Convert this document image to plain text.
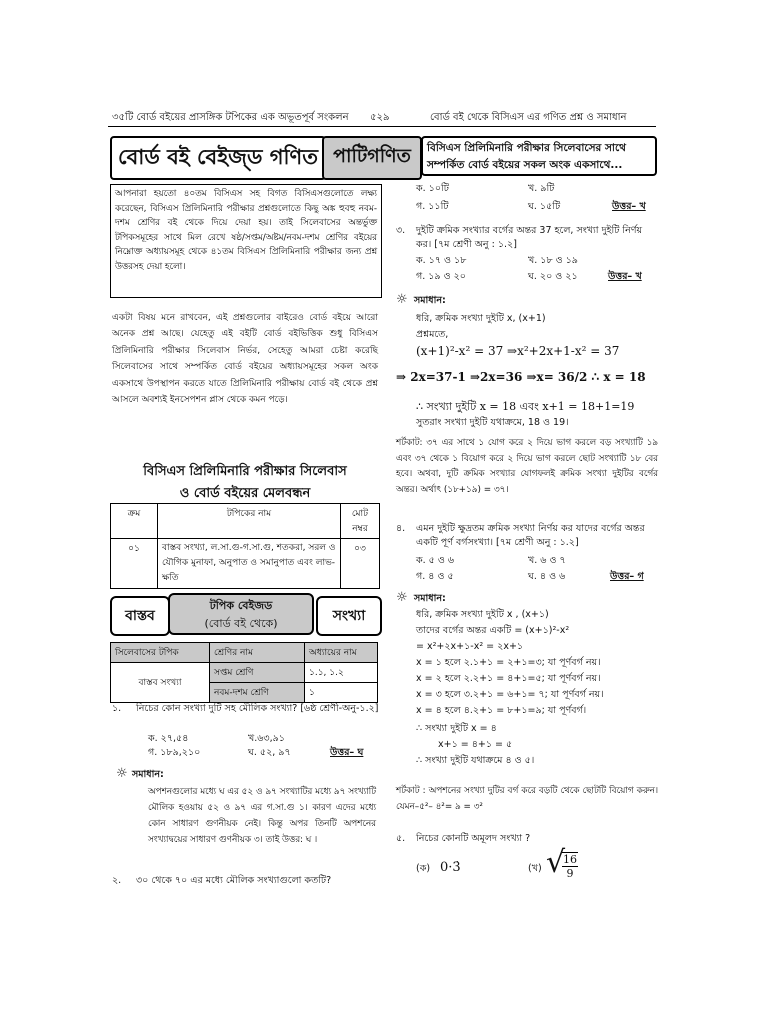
৩৫টি বোর্ড বইয়ের প্রাসঙ্গিক টপিকের এক অভূতপূর্ব সংকলন ৫২৯	বোর্ড বই থেকে বিসিএস এর গণিত প্রশ্ন ও সমাধান
বোর্ড বই বেইজ্ড গণিত পাটিগণিত	বিসিএস প্রিলিমিনারি পরীক্ষার সিলেবাসের সাথে
সম্পর্কিত বোর্ড বইয়ের সকল অংক একসাথে...
আপনারা হয়তো ৪০তম বিসিএস সহ বিগত বিসিএসগুলোতে লক্ষ্য করেছেন, বিসিএস প্রিলিমিনারি পরীক্ষার প্রশ্নগুলোতে কিছু অঙ্ক হুবহু নবম-দশম শ্রেণির বই থেকে দিয়ে দেয়া হয়। তাই সিলেবাসের অন্তর্ভুক্ত টপিকসমূহের সাথে মিল রেখে ষষ্ঠ/সপ্তম/অষ্টম/নবম-দশম শ্রেণির বইয়ের নিম্নোক্ত অধ্যায়সমূহ থেকে ৪১তম বিসিএস প্রিলিমিনারি পরীক্ষার জন্য প্রশ্ন উত্তরসহ দেয়া হলো।
একটা বিষয় মনে রাখবেন, এই প্রশ্নগুলোর বাইরেও বোর্ড বইয়ে আরো অনেক প্রশ্ন আছে। যেহেতু এই বইটি বোর্ড বইভিত্তিক শুধু বিসিএস প্রিলিমিনারি পরীক্ষার সিলেবাস নির্ভর, সেহেতু আমরা চেষ্টা করেছি সিলেবাসের সাথে সম্পর্কিত বোর্ড বইয়ের অধ্যায়সমূহের সকল অংক একসাথে উপস্থাপন করতে যাতে প্রিলিমিনারি পরীক্ষায় বোর্ড বই থেকে প্রশ্ন আসলে অবশ্যই ইনসেপশন প্লাস থেকে কমন পড়ে।
বিসিএস প্রিলিমিনারি পরীক্ষার সিলেবাস
ও বোর্ড বইয়ের মেলবন্ধন
ক্রম	টপিকের নাম	মোট নম্বর
০১	বাস্তব সংখ্যা, ল.সা.গু-গ.সা.গু, শতকরা, সরল ও যৌগিক মুনাফা, অনুপাত ও সমানুপাত এবং লাভ-ক্ষতি	০৩
বাস্তব
টপিক বেইজড
(বোর্ড বই থেকে)	সংখ্যা
সিলেবাসের টপিক	শ্রেণির নাম	অধ্যায়ের নাম
বাস্তব সংখ্যা	সপ্তম শ্রেণি	১.১, ১.২
	নবম-দশম শ্রেণি	১
১. নিচের কোন সংখ্যা দুটি সহ মৌলিক সংখ্যা? [৬ষ্ঠ শ্রেণী-অনু-১.২]
ক. ২৭,৫৪	খ.৬৩,৯১
গ. ১৮৯,২১০	ঘ. ৫২, ৯৭	উত্তর– ঘ
☼ সমাধান:
অপশনগুলোর মধ্যে ঘ এর ৫২ ও ৯৭ সংখ্যাটির মধ্যে ৯৭ সংখ্যাটি মৌলিক হওয়ায় ৫২ ও ৯৭ এর গ.সা.গু ১। কারণ এদের মধ্যে কোন সাধারণ গুণনীয়ক নেই। কিন্তু অপর তিনটি অপশনের সংখ্যাদ্বয়ের সাধারণ গুণনীয়ক ৩। তাই উত্তর: ঘ ।
২. ৩০ থেকে ৭০ এর মধ্যে মৌলিক সংখ্যাগুলো কতটি?
ক. ১০টি	খ. ৯টি
গ. ১১টি	ঘ. ১৫টি	উত্তর– খ
৩. দুইটি ক্রমিক সংখ্যার বর্গের অন্তর 37 হলে, সংখ্যা দুইটি নির্ণয় কর। [৭ম শ্রেণী অনু : ১.২]
ক. ১৭ ও ১৮	খ. ১৮ ও ১৯
গ. ১৯ ও ২০	ঘ. ২০ ও ২১	উত্তর– খ
☼ সমাধান:
ধরি, ক্রমিক সংখ্যা দুইটি x, (x+1)
প্রশ্নমতে,
(x+1)²-x² = 37 ⇒x²+2x+1-x² = 37
⇒ 2x=37-1 ⇒2x=36 ⇒x= 36/2 ∴ x = 18
∴ সংখ্যা দুইটি x = 18 এবং x+1 = 18+1=19
সুতরাং সংখ্যা দুইটি যথাক্রমে, 18 ও 19।
শর্টকাট: ৩৭ এর সাথে ১ যোগ করে ২ দিয়ে ভাগ করলে বড় সংখ্যাটি ১৯ এবং ৩৭ থেকে ১ বিয়োগ করে ২ দিয়ে ভাগ করলে ছোট সংখ্যাটি ১৮ বের হবে। অথবা, দুটি ক্রমিক সংখ্যার যোগফলই ক্রমিক সংখ্যা দুইটির বর্গের অন্তর। অর্থাৎ (১৮+১৯) = ৩৭।
৪. এমন দুইটি ক্ষুদ্রতম ক্রমিক সংখ্যা নির্ণয় কর যাদের বর্গের অন্তর একটি পূর্ণ বর্গসংখ্যা। [৭ম শ্রেণী অনু : ১.২]
ক. ৫ ও ৬	খ. ৬ ও ৭
গ. ৪ ও ৫	ঘ. ৪ ও ৬	উত্তর– গ
☼ সমাধান:
ধরি, ক্রমিক সংখ্যা দুইটি x , (x+১)
তাদের বর্গের অন্তর একটি = (x+১)²-x²
= x²+২x+১-x² = ২x+১
x = ১ হলে ২.১+১ = ২+১=৩; যা পূর্ণবর্গ নয়।
x = ২ হলে ২.২+১ = ৪+১=৫; যা পূর্ণবর্গ নয়।
x = ৩ হলে ৩.২+১ = ৬+১= ৭; যা পূর্ণবর্গ নয়।
x = ৪ হলে ৪.২+১ = ৮+১=৯; যা পূর্ণবর্গ।
∴ সংখ্যা দুইটি x = ৪
x+১ = ৪+১ = ৫
∴ সংখ্যা দুইটি যথাক্রমে ৪ ও ৫।
শর্টকাট : অপশনের সংখ্যা দুটির বর্গ করে বড়টি থেকে ছোটটি বিয়োগ করুন। যেমন–৫²– ৪²= ৯ = ৩²
৫. নিচের কোনটি অমূলদ সংখ্যা ?
(ক) 0·3̇	(খ) √
$\frac{16}{9}$
